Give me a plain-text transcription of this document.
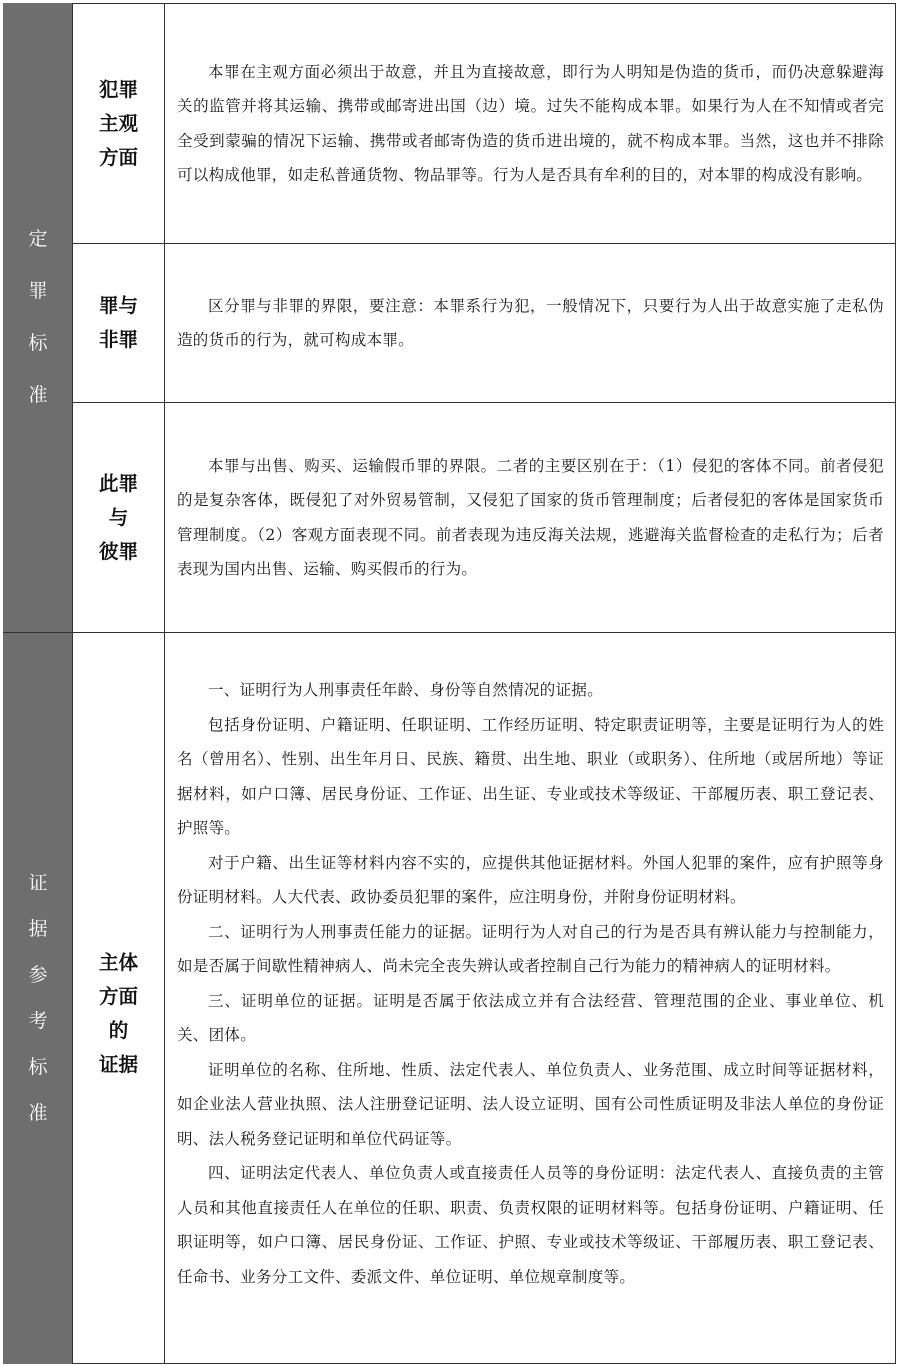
定
罪
标
准
证
据
参
考
标
准
犯罪
主观
方面

本罪在主观方面必须出于故意，并且为直接故意，即行为人明知是伪造的货币，而仍决意躲避海关的监管并将其运输、携带或邮寄进出国（边）境。过失不能构成本罪。如果行为人在不知情或者完全受到蒙骗的情况下运输、携带或者邮寄伪造的货币进出境的，就不构成本罪。当然，这也并不排除可以构成他罪，如走私普通货物、物品罪等。行为人是否具有牟利的目的，对本罪的构成没有影响。

罪与
非罪

区分罪与非罪的界限，要注意：本罪系行为犯，一般情况下，只要行为人出于故意实施了走私伪造的货币的行为，就可构成本罪。

此罪
与
彼罪

本罪与出售、购买、运输假币罪的界限。二者的主要区别在于：（1）侵犯的客体不同。前者侵犯的是复杂客体，既侵犯了对外贸易管制，又侵犯了国家的货币管理制度；后者侵犯的客体是国家货币管理制度。（2）客观方面表现不同。前者表现为违反海关法规，逃避海关监督检查的走私行为；后者表现为国内出售、运输、购买假币的行为。

主体
方面
的
证据

一、证明行为人刑事责任年龄、身份等自然情况的证据。

包括身份证明、户籍证明、任职证明、工作经历证明、特定职责证明等，主要是证明行为人的姓名（曾用名）、性别、出生年月日、民族、籍贯、出生地、职业（或职务）、住所地（或居所地）等证据材料，如户口簿、居民身份证、工作证、出生证、专业或技术等级证、干部履历表、职工登记表、护照等。

对于户籍、出生证等材料内容不实的，应提供其他证据材料。外国人犯罪的案件，应有护照等身份证明材料。人大代表、政协委员犯罪的案件，应注明身份，并附身份证明材料。

二、证明行为人刑事责任能力的证据。证明行为人对自己的行为是否具有辨认能力与控制能力，如是否属于间歇性精神病人、尚未完全丧失辨认或者控制自己行为能力的精神病人的证明材料。

三、证明单位的证据。证明是否属于依法成立并有合法经营、管理范围的企业、事业单位、机关、团体。

证明单位的名称、住所地、性质、法定代表人、单位负责人、业务范围、成立时间等证据材料，如企业法人营业执照、法人注册登记证明、法人设立证明、国有公司性质证明及非法人单位的身份证明、法人税务登记证明和单位代码证等。

四、证明法定代表人、单位负责人或直接责任人员等的身份证明：法定代表人、直接负责的主管人员和其他直接责任人在单位的任职、职责、负责权限的证明材料等。包括身份证明、户籍证明、任职证明等，如户口簿、居民身份证、工作证、护照、专业或技术等级证、干部履历表、职工登记表、任命书、业务分工文件、委派文件、单位证明、单位规章制度等。
